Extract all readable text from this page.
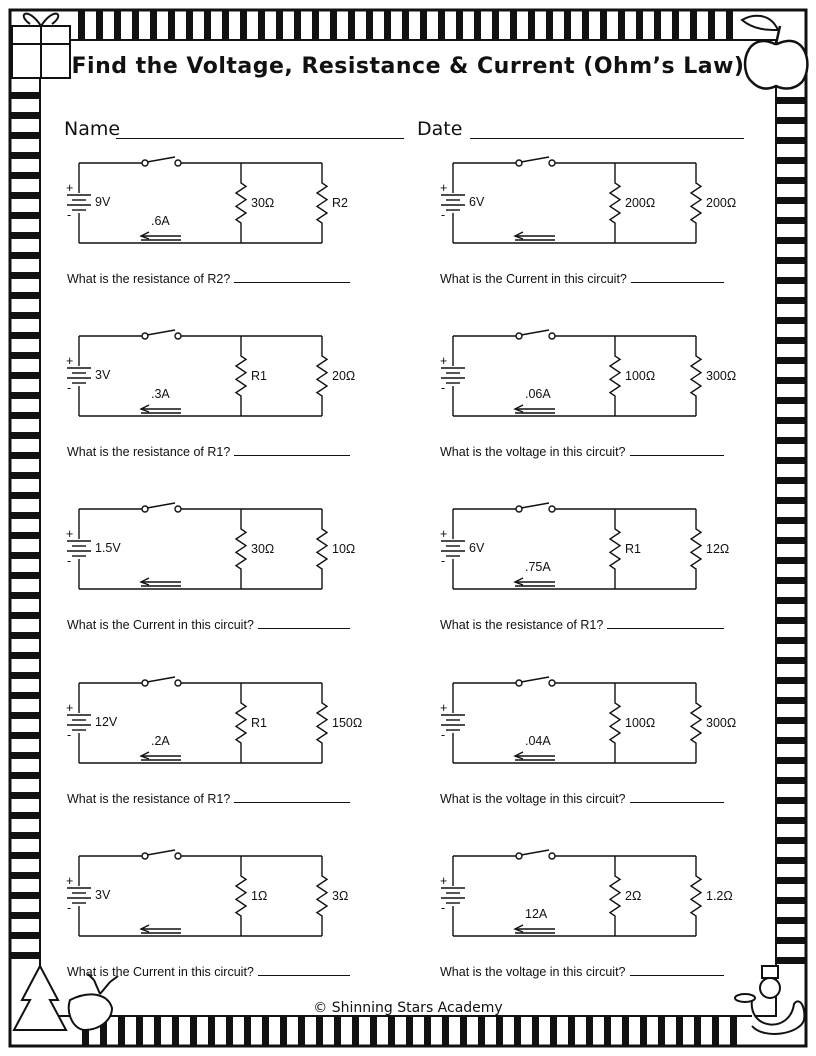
Find the Voltage, Resistance & Current (Ohm’s Law)
Name	Date
+
-
9V
.6A
30Ω	R2
What is the resistance of R2?
+
-
6V	200Ω	200Ω
What is the Current in this circuit?
+
-
3V
.3A
R1	20Ω
What is the resistance of R1?
+
-	.06A
100Ω	300Ω
What is the voltage in this circuit?
+
-
1.5V	30Ω	10Ω
What is the Current in this circuit?
+
-
6V
.75A
R1	12Ω
What is the resistance of R1?
+
-
12V
.2A
R1	150Ω
What is the resistance of R1?
+
-	.04A
100Ω	300Ω
What is the voltage in this circuit?
+
-
3V	1Ω	3Ω
What is the Current in this circuit?
+
-	12A
2Ω	1.2Ω
What is the voltage in this circuit?
© Shinning Stars Academy
